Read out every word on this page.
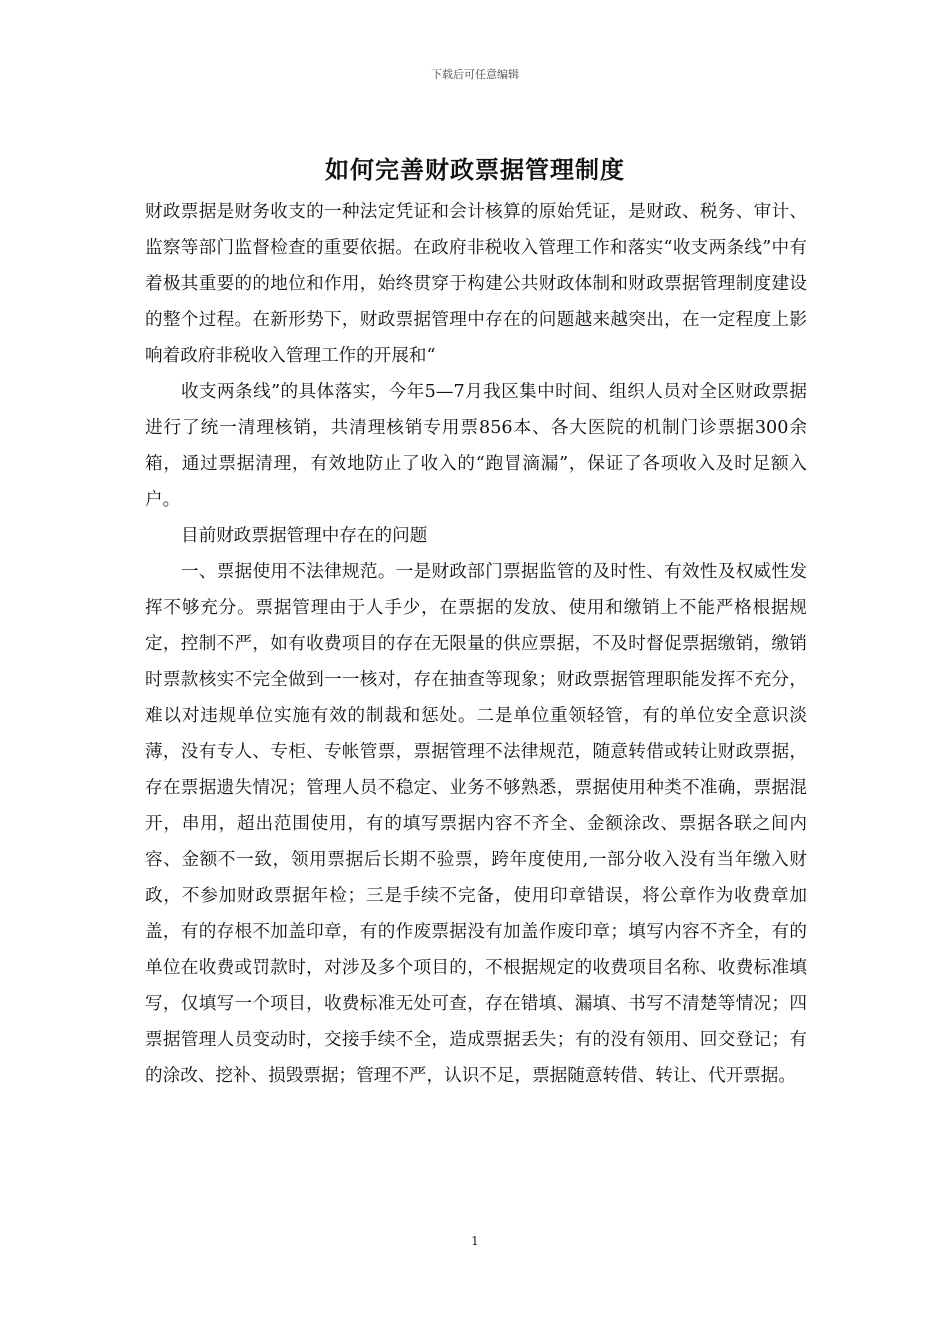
下载后可任意编辑
如何完善财政票据管理制度

财政票据是财务收支的一种法定凭证和会计核算的原始凭证，是财政、税务、审计、监察等部门监督检查的重要依据。在政府非税收入管理工作和落实“收支两条线”中有着极其重要的的地位和作用，始终贯穿于构建公共财政体制和财政票据管理制度建设的整个过程。在新形势下，财政票据管理中存在的问题越来越突出，在一定程度上影响着政府非税收入管理工作的开展和“

收支两条线”的具体落实，今年5—7月我区集中时间、组织人员对全区财政票据进行了统一清理核销，共清理核销专用票856本、各大医院的机制门诊票据300余箱，通过票据清理，有效地防止了收入的“跑冒滴漏”，保证了各项收入及时足额入户。

目前财政票据管理中存在的问题

一、票据使用不法律规范。一是财政部门票据监管的及时性、有效性及权威性发挥不够充分。票据管理由于人手少，在票据的发放、使用和缴销上不能严格根据规定，控制不严，如有收费项目的存在无限量的供应票据，不及时督促票据缴销，缴销时票款核实不完全做到一一核对，存在抽查等现象；财政票据管理职能发挥不充分，难以对违规单位实施有效的制裁和惩处。二是单位重领轻管，有的单位安全意识淡薄，没有专人、专柜、专帐管票，票据管理不法律规范，随意转借或转让财政票据，存在票据遗失情况；管理人员不稳定、业务不够熟悉，票据使用种类不准确，票据混开，串用，超出范围使用，有的填写票据内容不齐全、金额涂改、票据各联之间内容、金额不一致，领用票据后长期不验票，跨年度使用,一部分收入没有当年缴入财政，不参加财政票据年检；三是手续不完备，使用印章错误，将公章作为收费章加盖，有的存根不加盖印章，有的作废票据没有加盖作废印章；填写内容不齐全，有的单位在收费或罚款时，对涉及多个项目的，不根据规定的收费项目名称、收费标准填写，仅填写一个项目，收费标准无处可查，存在错填、漏填、书写不清楚等情况；四票据管理人员变动时，交接手续不全，造成票据丢失；有的没有领用、回交登记；有的涂改、挖补、损毁票据；管理不严，认识不足，票据随意转借、转让、代开票据。

1
